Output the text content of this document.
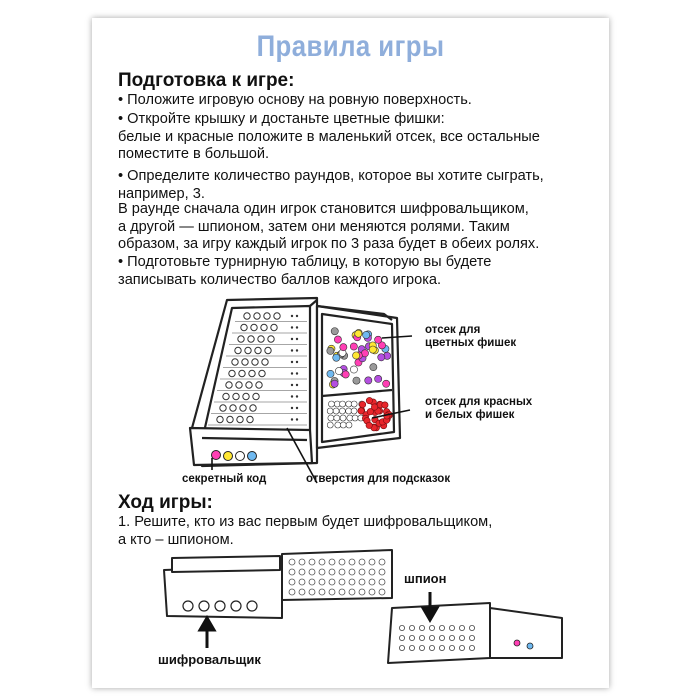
Правила игры
Подготовка к игре:
• Положите игровую основу на ровную поверхность.
• Откройте крышку и достаньте цветные фишки:
белые и красные положите в маленький отсек, все остальные
поместите в большой.
• Определите количество раундов, которое вы хотите сыграть,
например, 3.
В раунде сначала один игрок становится шифровальщиком,
а другой — шпионом, затем они меняются ролями. Таким
образом, за игру каждый игрок по 3 раза будет в обеих ролях.
• Подготовьте турнирную таблицу, в которую вы будете
записывать количество баллов каждого игрока.
отсек для
цветных фишек
отсек для красных
и белых фишек
секретный код	отверстия для подсказок
Ход игры:
1. Решите, кто из вас первым будет шифровальщиком,
а кто – шпионом.
шпион
шифровальщик
